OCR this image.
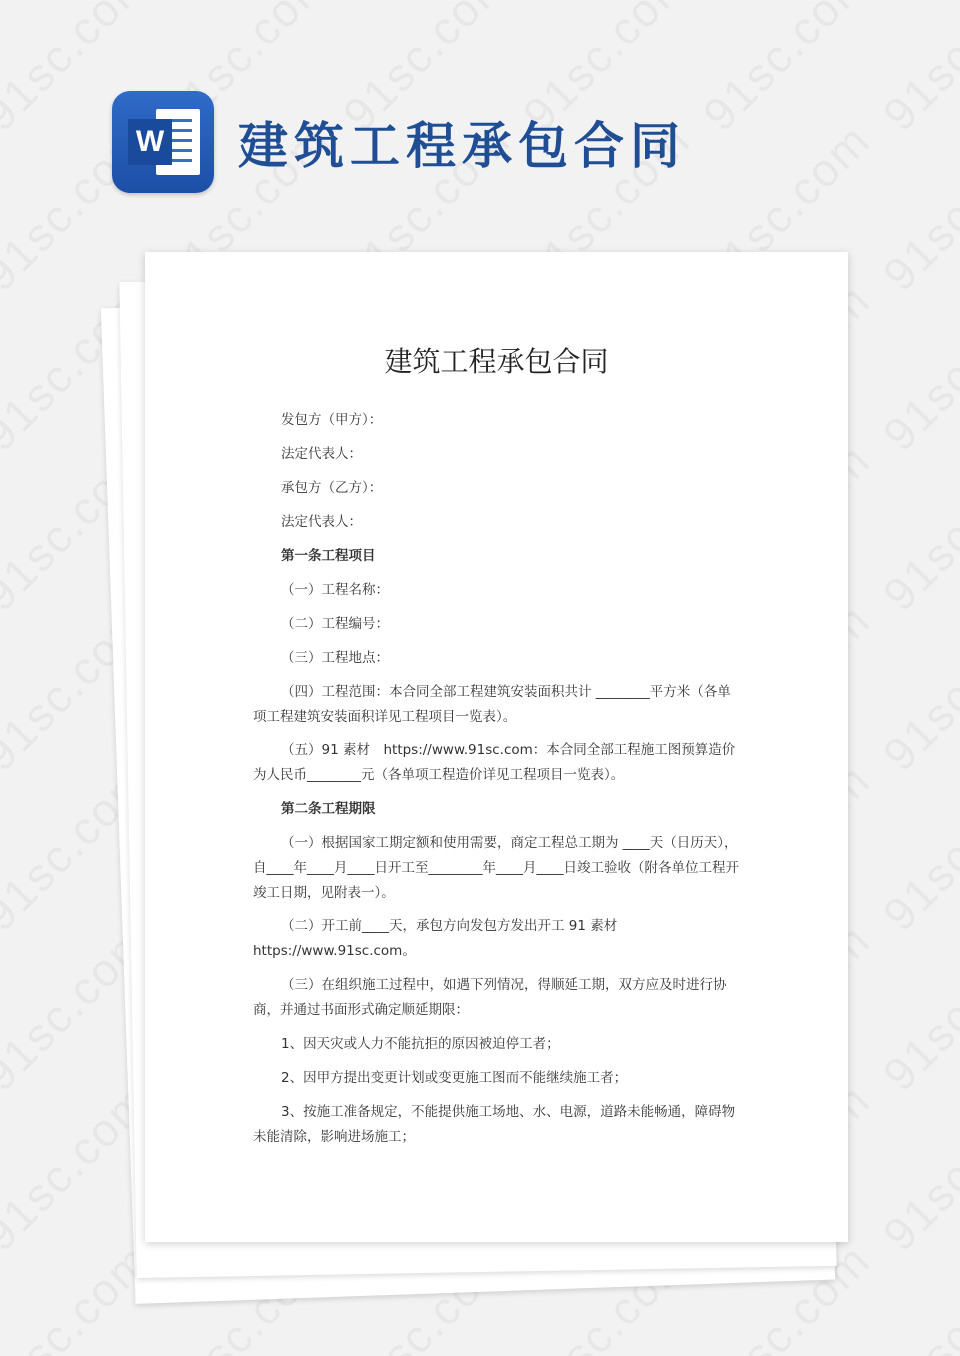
W 建筑工程承包合同
建筑工程承包合同

发包方（甲方）：

法定代表人：

承包方（乙方）：

法定代表人：

第一条工程项目

（一）工程名称：

（二）工程编号：

（三）工程地点：

（四）工程范围：本合同全部工程建筑安装面积共计 ________平方米（各单项工程建筑安装面积详见工程项目一览表）。

（五）91 素材　https://www.91sc.com：本合同全部工程施工图预算造价为人民币________元（各单项工程造价详见工程项目一览表）。

第二条工程期限

（一）根据国家工期定额和使用需要，商定工程总工期为 ____天（日历天），自____年____月____日开工至________年____月____日竣工验收（附各单位工程开竣工日期，见附表一）。

（二）开工前____天，承包方向发包方发出开工 91 素材　https://www.91sc.com。

（三）在组织施工过程中，如遇下列情况，得顺延工期，双方应及时进行协商，并通过书面形式确定顺延期限：

1、因天灾或人力不能抗拒的原因被迫停工者；

2、因甲方提出变更计划或变更施工图而不能继续施工者；

3、按施工准备规定，不能提供施工场地、水、电源，道路未能畅通，障碍物未能清除，影响进场施工；
